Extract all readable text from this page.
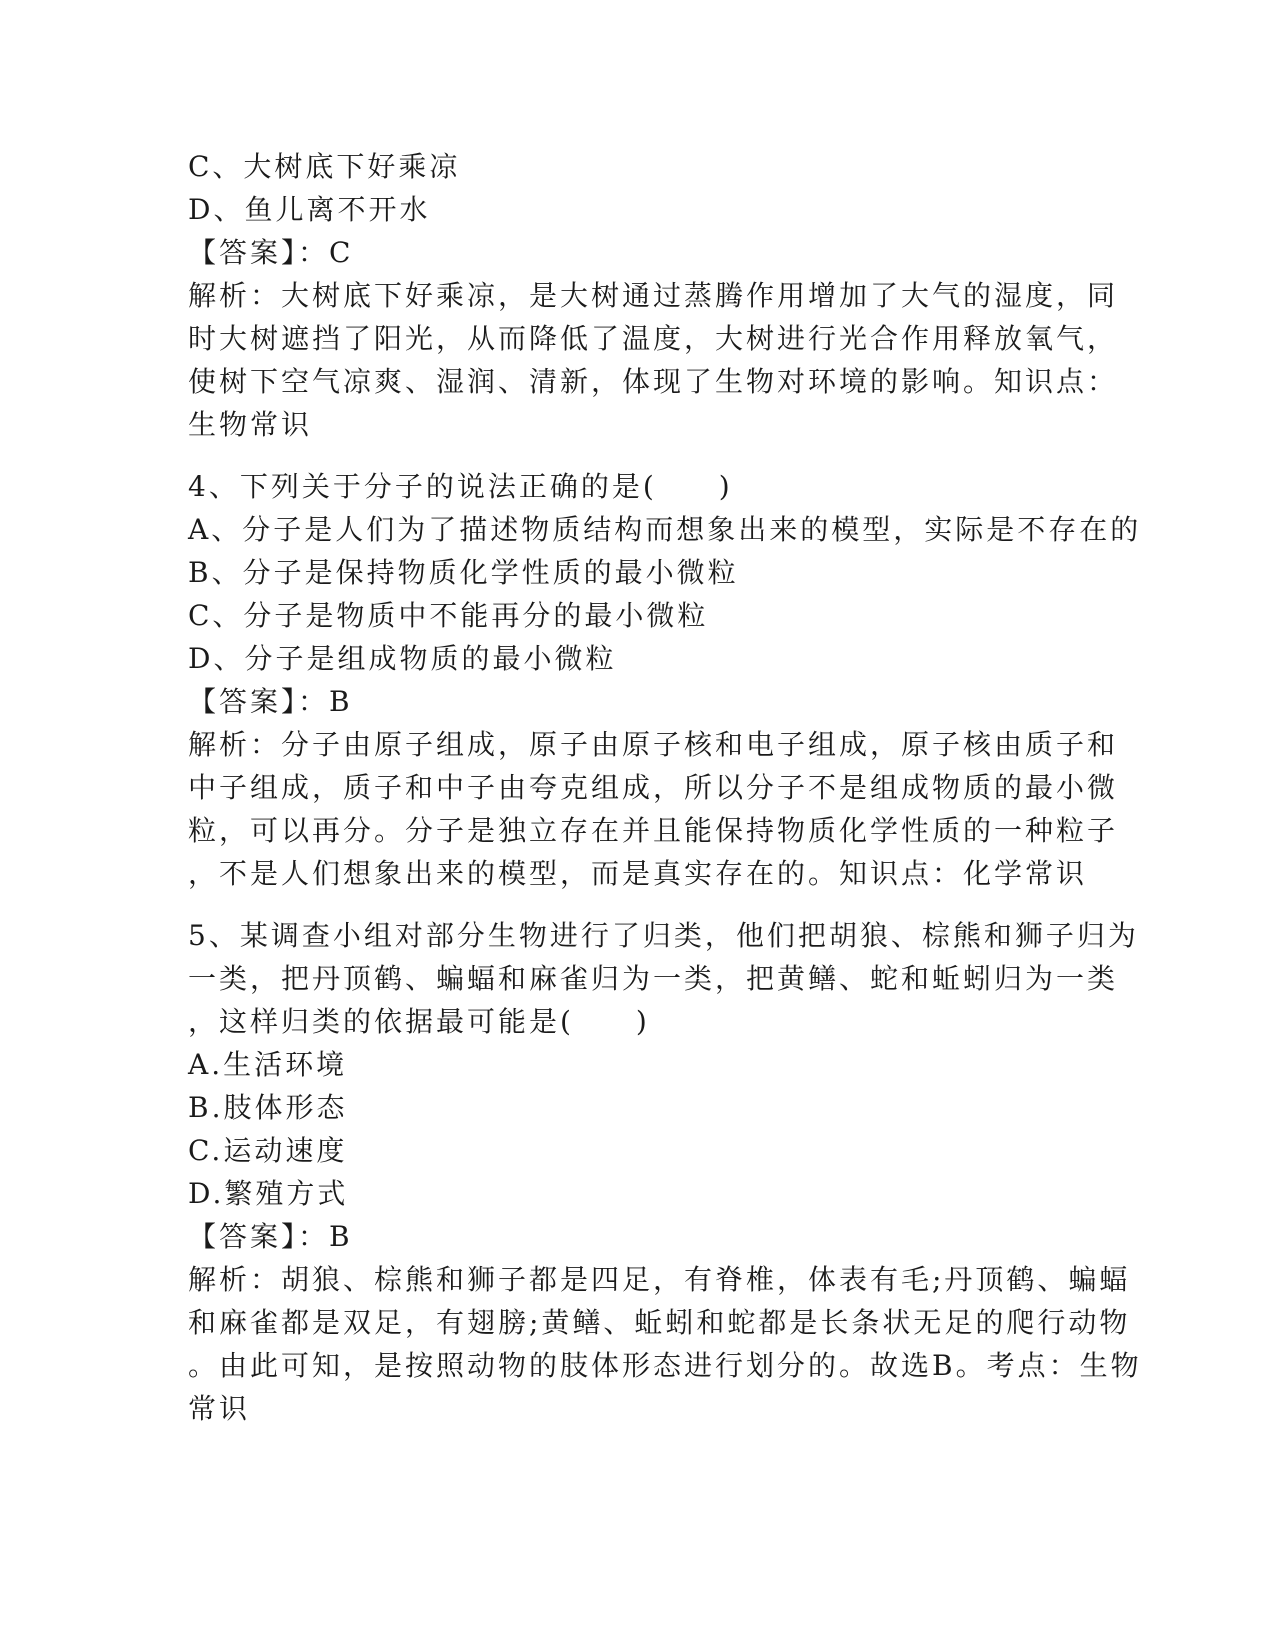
C、大树底下好乘凉
D、鱼儿离不开水
【答案】：C
解析：大树底下好乘凉，是大树通过蒸腾作用增加了大气的湿度，同
时大树遮挡了阳光，从而降低了温度，大树进行光合作用释放氧气，
使树下空气凉爽、湿润、清新，体现了生物对环境的影响。知识点：
生物常识
4、下列关于分子的说法正确的是(　　)
A、分子是人们为了描述物质结构而想象出来的模型，实际是不存在的
B、分子是保持物质化学性质的最小微粒
C、分子是物质中不能再分的最小微粒
D、分子是组成物质的最小微粒
【答案】：B
解析：分子由原子组成，原子由原子核和电子组成，原子核由质子和
中子组成，质子和中子由夸克组成，所以分子不是组成物质的最小微
粒，可以再分。分子是独立存在并且能保持物质化学性质的一种粒子
，不是人们想象出来的模型，而是真实存在的。知识点：化学常识
5、某调查小组对部分生物进行了归类，他们把胡狼、棕熊和狮子归为
一类，把丹顶鹤、蝙蝠和麻雀归为一类，把黄鳝、蛇和蚯蚓归为一类
，这样归类的依据最可能是(　　)
A.生活环境
B.肢体形态
C.运动速度
D.繁殖方式
【答案】：B
解析：胡狼、棕熊和狮子都是四足，有脊椎，体表有毛;丹顶鹤、蝙蝠
和麻雀都是双足，有翅膀;黄鳝、蚯蚓和蛇都是长条状无足的爬行动物
。由此可知，是按照动物的肢体形态进行划分的。故选B。考点：生物
常识
